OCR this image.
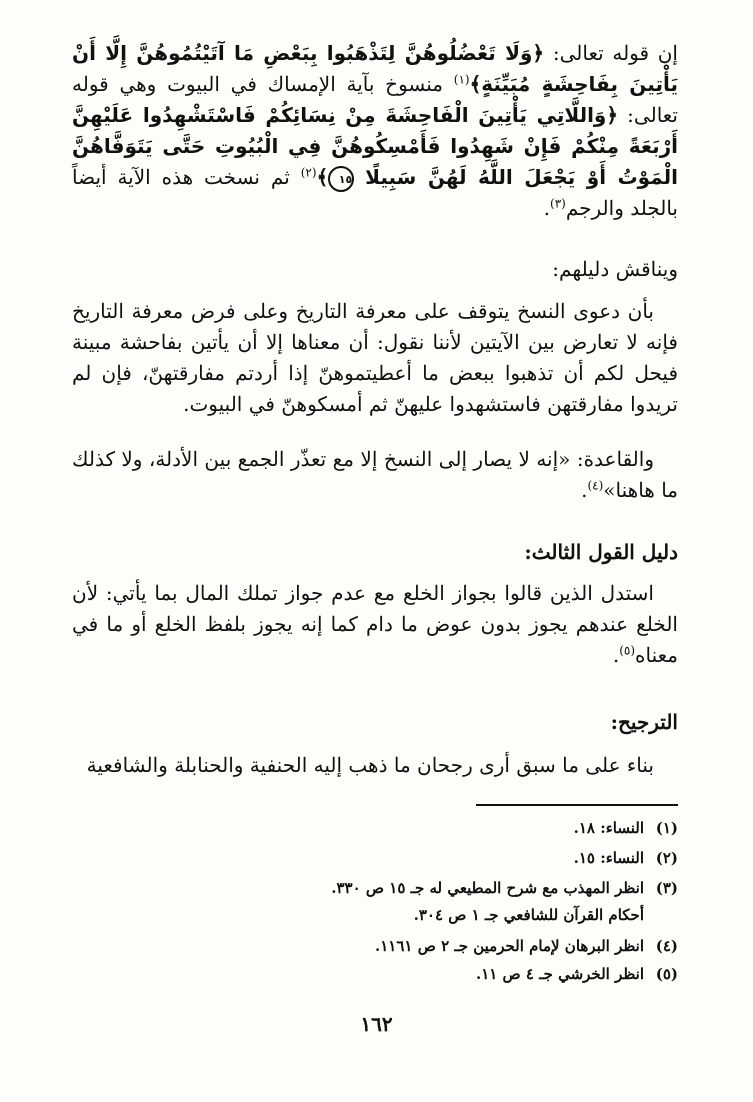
إن قوله تعالى: ﴿وَلَا تَعْضُلُوهُنَّ لِتَذْهَبُوا بِبَعْضِ مَا آتَيْتُمُوهُنَّ إِلَّا أَنْ يَأْتِينَ بِفَاحِشَةٍ مُبَيِّنَةٍ﴾$^{(١)}$ منسوخ بآية الإمساك في البيوت وهي قوله تعالى: ﴿وَاللَّاتِي يَأْتِينَ الْفَاحِشَةَ مِنْ نِسَائِكُمْ فَاسْتَشْهِدُوا عَلَيْهِنَّ أَرْبَعَةً مِنْكُمْ فَإِنْ شَهِدُوا فَأَمْسِكُوهُنَّ فِي الْبُيُوتِ حَتَّى يَتَوَفَّاهُنَّ الْمَوْتُ أَوْ يَجْعَلَ اللَّهُ لَهُنَّ سَبِيلًا ١٥﴾$^{(٢)}$ ثم نسخت هذه الآية أيضاً بالجلد والرجم$^{(٣)}$.
ويناقش دليلهم:
بأن دعوى النسخ يتوقف على معرفة التاريخ وعلى فرض معرفة التاريخ فإنه لا تعارض بين الآيتين لأننا نقول: أن معناها إلا أن يأتين بفاحشة مبينة فيحل لكم أن تذهبوا ببعض ما أعطيتموهنّ إذا أردتم مفارقتهنّ، فإن لم تريدوا مفارقتهن فاستشهدوا عليهنّ ثم أمسكوهنّ في البيوت.
والقاعدة: «إنه لا يصار إلى النسخ إلا مع تعذّر الجمع بين الأدلة، ولا كذلك ما هاهنا»$^{(٤)}$.
دليل القول الثالث:
استدل الذين قالوا بجواز الخلع مع عدم جواز تملك المال بما يأتي: لأن الخلع عندهم يجوز بدون عوض ما دام كما إنه يجوز بلفظ الخلع أو ما في معناه$^{(٥)}$.
الترجيح:
بناء على ما سبق أرى رجحان ما ذهب إليه الحنفية والحنابلة والشافعية
(١)النساء: ١٨.
(٢)النساء: ١٥.
(٣)انظر المهذب مع شرح المطيعي له جـ ١٥ ص ٣٣٠.
أحكام القرآن للشافعي جـ ١ ص ٣٠٤.
(٤)انظر البرهان لإمام الحرمين جـ ٢ ص ١١٦١.
(٥)انظر الخرشي جـ ٤ ص ١١.
١٦٢
